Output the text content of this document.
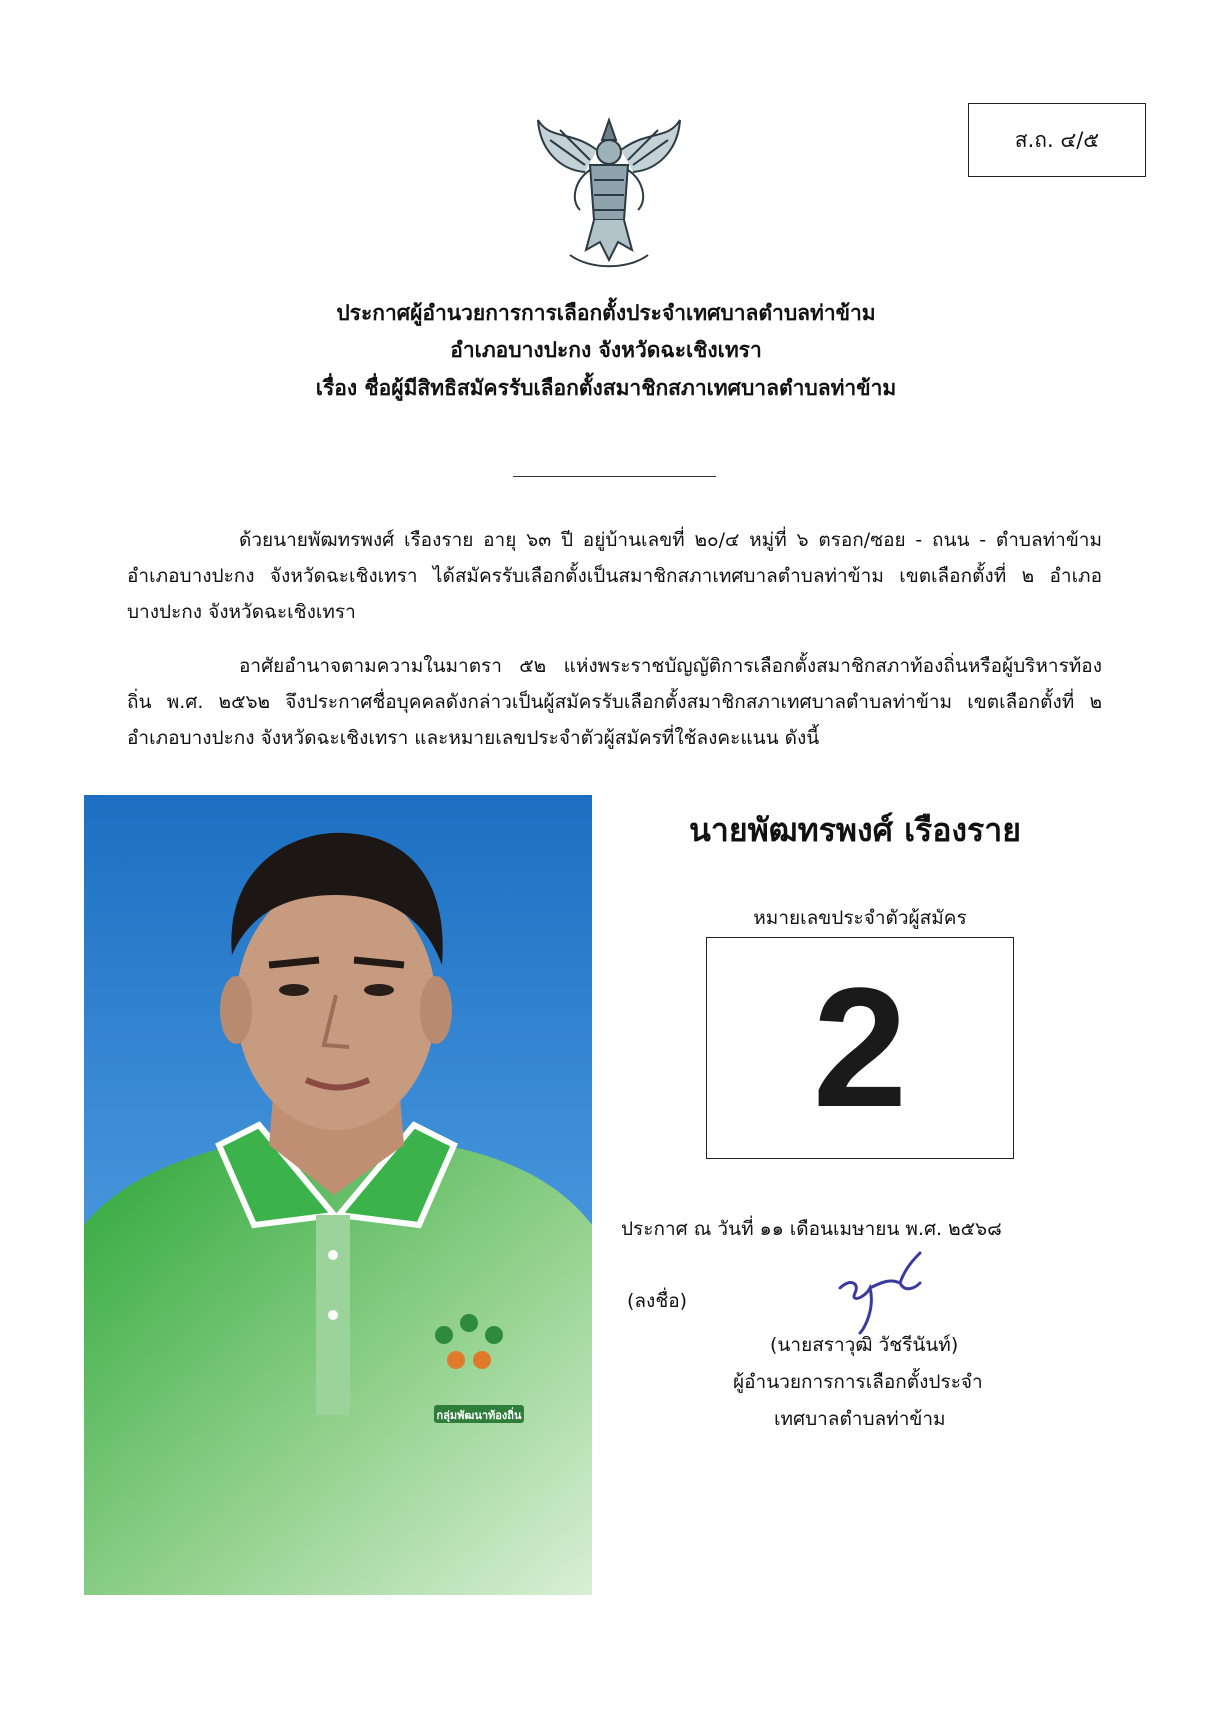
ส.ถ. ๔/๕
ประกาศผู้อำนวยการการเลือกตั้งประจำเทศบาลตำบลท่าข้าม
อำเภอบางปะกง จังหวัดฉะเชิงเทรา
เรื่อง ชื่อผู้มีสิทธิสมัครรับเลือกตั้งสมาชิกสภาเทศบาลตำบลท่าข้าม

ด้วยนายพัฒทรพงศ์ เรืองราย อายุ ๖๓ ปี อยู่บ้านเลขที่ ๒๐/๔ หมู่ที่ ๖ ตรอก/ซอย - ถนน - ตำบลท่าข้าม อำเภอบางปะกง จังหวัดฉะเชิงเทรา ได้สมัครรับเลือกตั้งเป็นสมาชิกสภาเทศบาลตำบลท่าข้าม เขตเลือกตั้งที่ ๒ อำเภอบางปะกง จังหวัดฉะเชิงเทรา

อาศัยอำนาจตามความในมาตรา ๕๒ แห่งพระราชบัญญัติการเลือกตั้งสมาชิกสภาท้องถิ่นหรือผู้บริหารท้องถิ่น พ.ศ. ๒๕๖๒ จึงประกาศชื่อบุคคลดังกล่าวเป็นผู้สมัครรับเลือกตั้งสมาชิกสภาเทศบาลตำบลท่าข้าม เขตเลือกตั้งที่ ๒ อำเภอบางปะกง จังหวัดฉะเชิงเทรา และหมายเลขประจำตัวผู้สมัครที่ใช้ลงคะแนน ดังนี้

กลุ่มพัฒนาท้องถิ่น
นายพัฒทรพงศ์ เรืองราย
หมายเลขประจำตัวผู้สมัคร
2
ประกาศ ณ วันที่ ๑๑ เดือนเมษายน พ.ศ. ๒๕๖๘
(ลงชื่อ)
(นายสราวุฒิ วัชรีนันท์)
ผู้อำนวยการการเลือกตั้งประจำ
เทศบาลตำบลท่าข้าม
